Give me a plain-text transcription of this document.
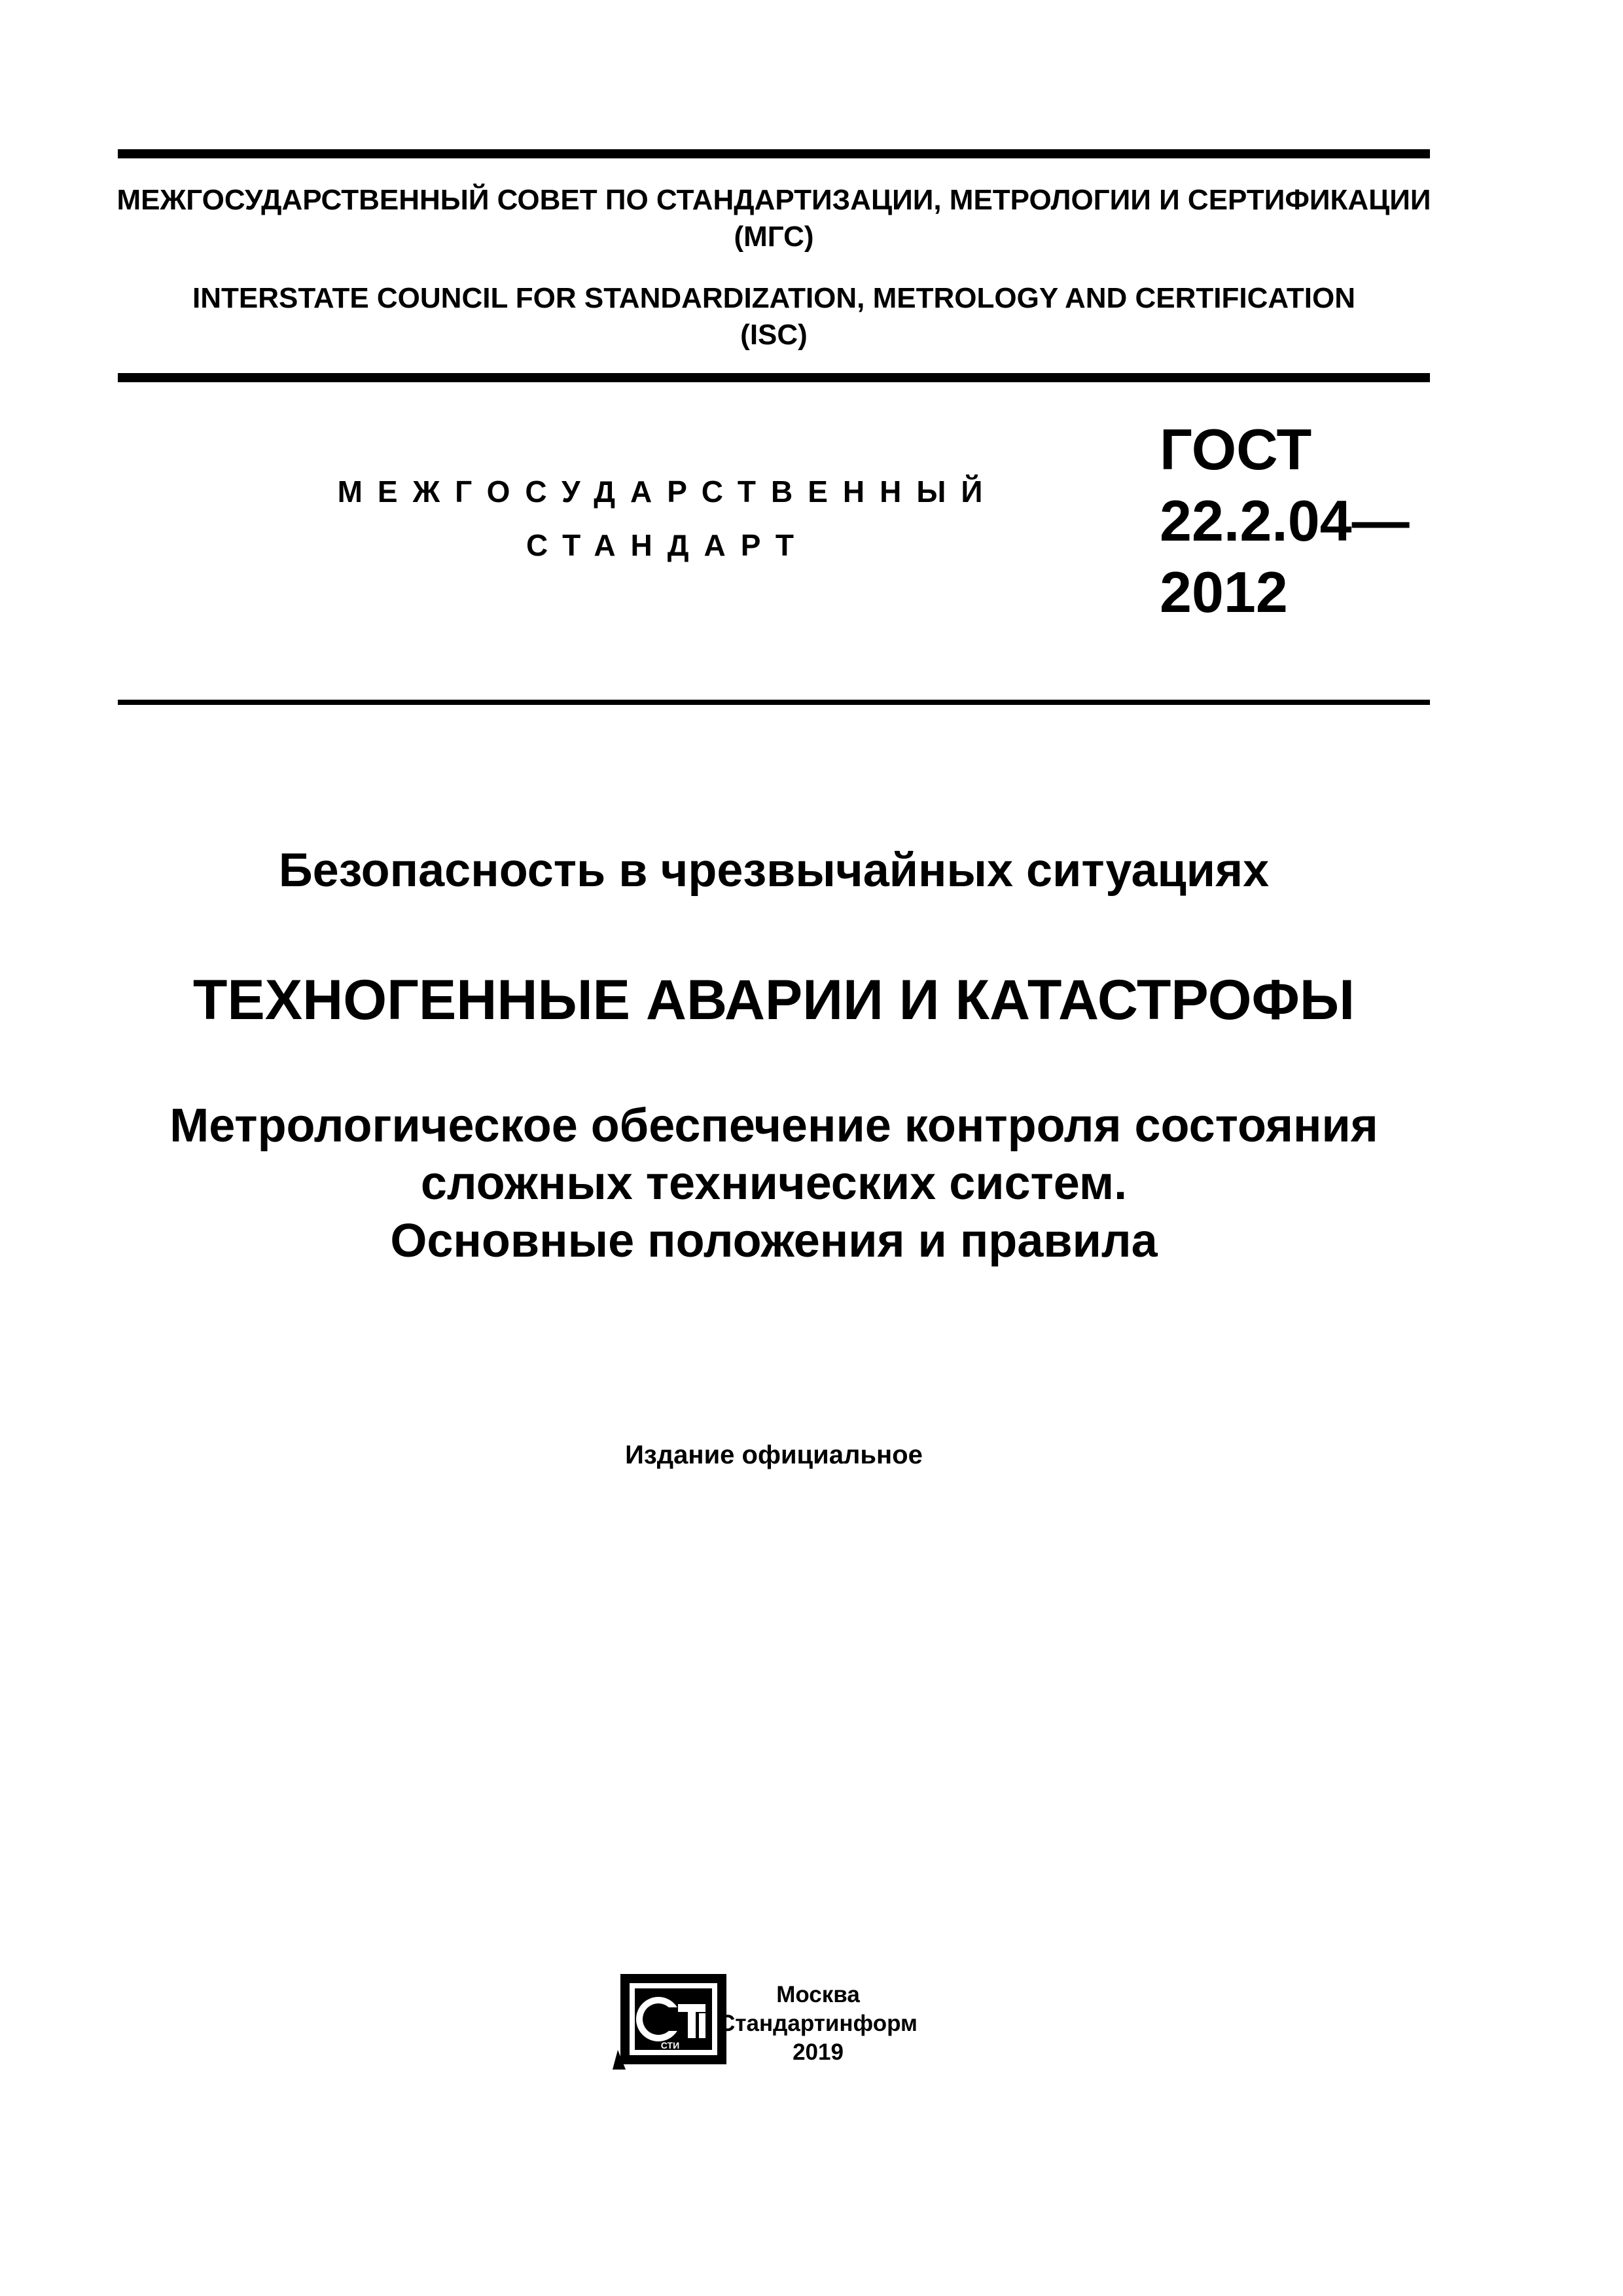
МЕЖГОСУДАРСТВЕННЫЙ СОВЕТ ПО СТАНДАРТИЗАЦИИ, МЕТРОЛОГИИ И СЕРТИФИКАЦИИ
(МГС)
INTERSTATE COUNCIL FOR STANDARDIZATION, METROLOGY AND CERTIFICATION
(ISC)
МЕЖГОСУДАРСТВЕННЫЙ
СТАНДАРТ
ГОСТ
22.2.04—
2012
Безопасность в чрезвычайных ситуациях
ТЕХНОГЕННЫЕ АВАРИИ И КАТАСТРОФЫ
Метрологическое обеспечение контроля состояния
сложных технических систем.
Основные положения и правила
Издание официальное
СТИ
Москва
Стандартинформ
2019
